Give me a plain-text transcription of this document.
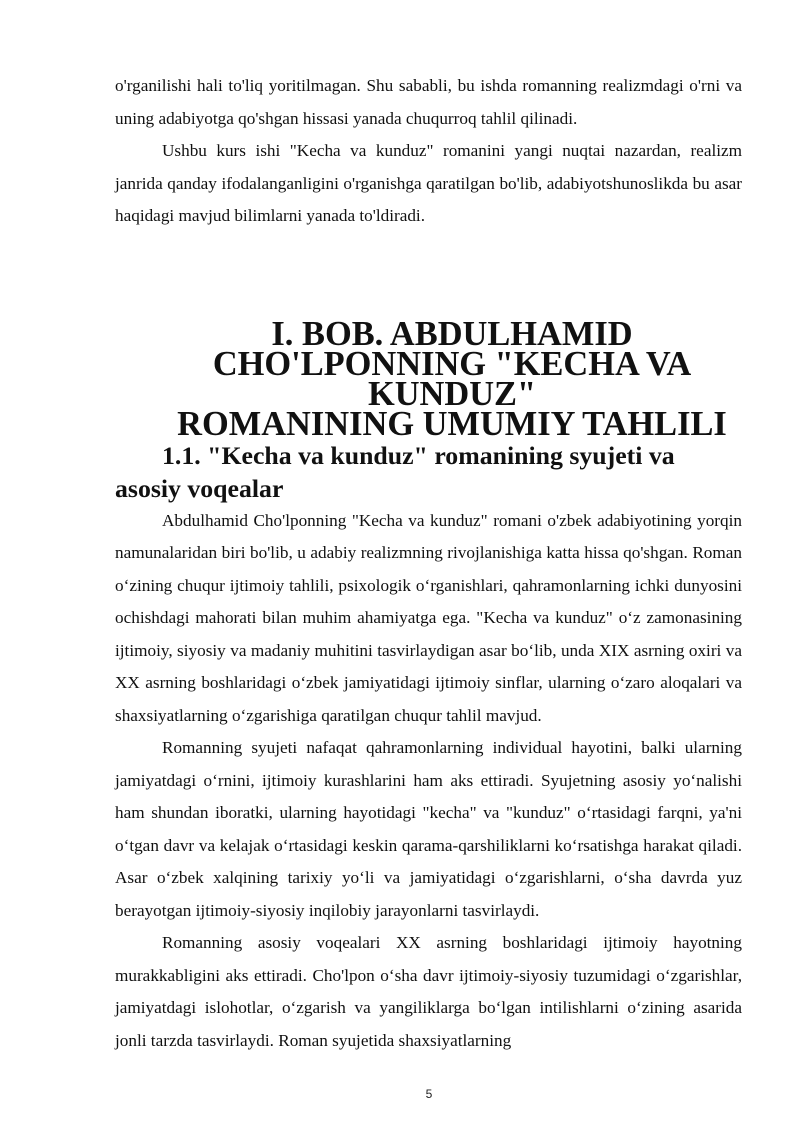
o'rganilishi hali to'liq yoritilmagan. Shu sababli, bu ishda romanning realizmdagi o'rni va uning adabiyotga qo'shgan hissasi yanada chuqurroq tahlil qilinadi.

Ushbu kurs ishi "Kecha va kunduz" romanini yangi nuqtai nazardan, realizm janrida qanday ifodalanganligini o'rganishga qaratilgan bo'lib, adabiyotshunoslikda bu asar haqidagi mavjud bilimlarni yanada to'ldiradi.

I. BOB. ABDULHAMID CHO'LPONNING "KECHA VA KUNDUZ"
ROMANINING UMUMIY TAHLILI
1.1. "Kecha va kunduz" romanining syujeti va asosiy voqealar

Abdulhamid Cho'lponning "Kecha va kunduz" romani o'zbek adabiyotining yorqin namunalaridan biri bo'lib, u adabiy realizmning rivojlanishiga katta hissa qo'shgan. Roman o‘zining chuqur ijtimoiy tahlili, psixologik o‘rganishlari, qahramonlarning ichki dunyosini ochishdagi mahorati bilan muhim ahamiyatga ega. "Kecha va kunduz" o‘z zamonasining ijtimoiy, siyosiy va madaniy muhitini tasvirlaydigan asar bo‘lib, unda XIX asrning oxiri va XX asrning boshlaridagi o‘zbek jamiyatidagi ijtimoiy sinflar, ularning o‘zaro aloqalari va shaxsiyatlarning o‘zgarishiga qaratilgan chuqur tahlil mavjud.

Romanning syujeti nafaqat qahramonlarning individual hayotini, balki ularning jamiyatdagi o‘rnini, ijtimoiy kurashlarini ham aks ettiradi. Syujetning asosiy yo‘nalishi ham shundan iboratki, ularning hayotidagi "kecha" va "kunduz" o‘rtasidagi farqni, ya'ni o‘tgan davr va kelajak o‘rtasidagi keskin qarama-qarshiliklarni ko‘rsatishga harakat qiladi. Asar o‘zbek xalqining tarixiy yo‘li va jamiyatidagi o‘zgarishlarni, o‘sha davrda yuz berayotgan ijtimoiy-siyosiy inqilobiy jarayonlarni tasvirlaydi.

Romanning asosiy voqealari XX asrning boshlaridagi ijtimoiy hayotning murakkabligini aks ettiradi. Cho'lpon o‘sha davr ijtimoiy-siyosiy tuzumidagi o‘zgarishlar, jamiyatdagi islohotlar, o‘zgarish va yangiliklarga bo‘lgan intilishlarni o‘zining asarida jonli tarzda tasvirlaydi. Roman syujetida shaxsiyatlarning

5
